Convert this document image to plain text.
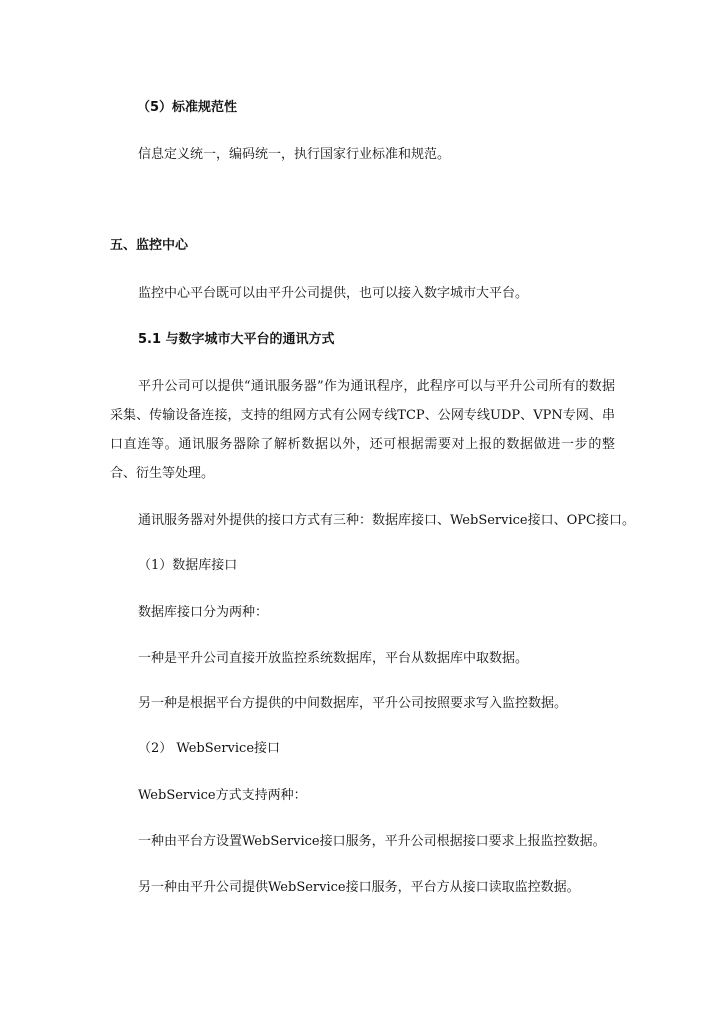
（5）标准规范性

信息定义统一，编码统一，执行国家行业标准和规范。

五、监控中心

监控中心平台既可以由平升公司提供，也可以接入数字城市大平台。

5.1 与数字城市大平台的通讯方式

平升公司可以提供“通讯服务器”作为通讯程序，此程序可以与平升公司所有的数据采集、传输设备连接，支持的组网方式有公网专线TCP、公网专线UDP、VPN专网、串口直连等。通讯服务器除了解析数据以外，还可根据需要对上报的数据做进一步的整合、衍生等处理。

通讯服务器对外提供的接口方式有三种：数据库接口、WebService接口、OPC接口。

（1）数据库接口

数据库接口分为两种：

一种是平升公司直接开放监控系统数据库，平台从数据库中取数据。

另一种是根据平台方提供的中间数据库，平升公司按照要求写入监控数据。

（2） WebService接口

WebService方式支持两种：

一种由平台方设置WebService接口服务，平升公司根据接口要求上报监控数据。

另一种由平升公司提供WebService接口服务，平台方从接口读取监控数据。
